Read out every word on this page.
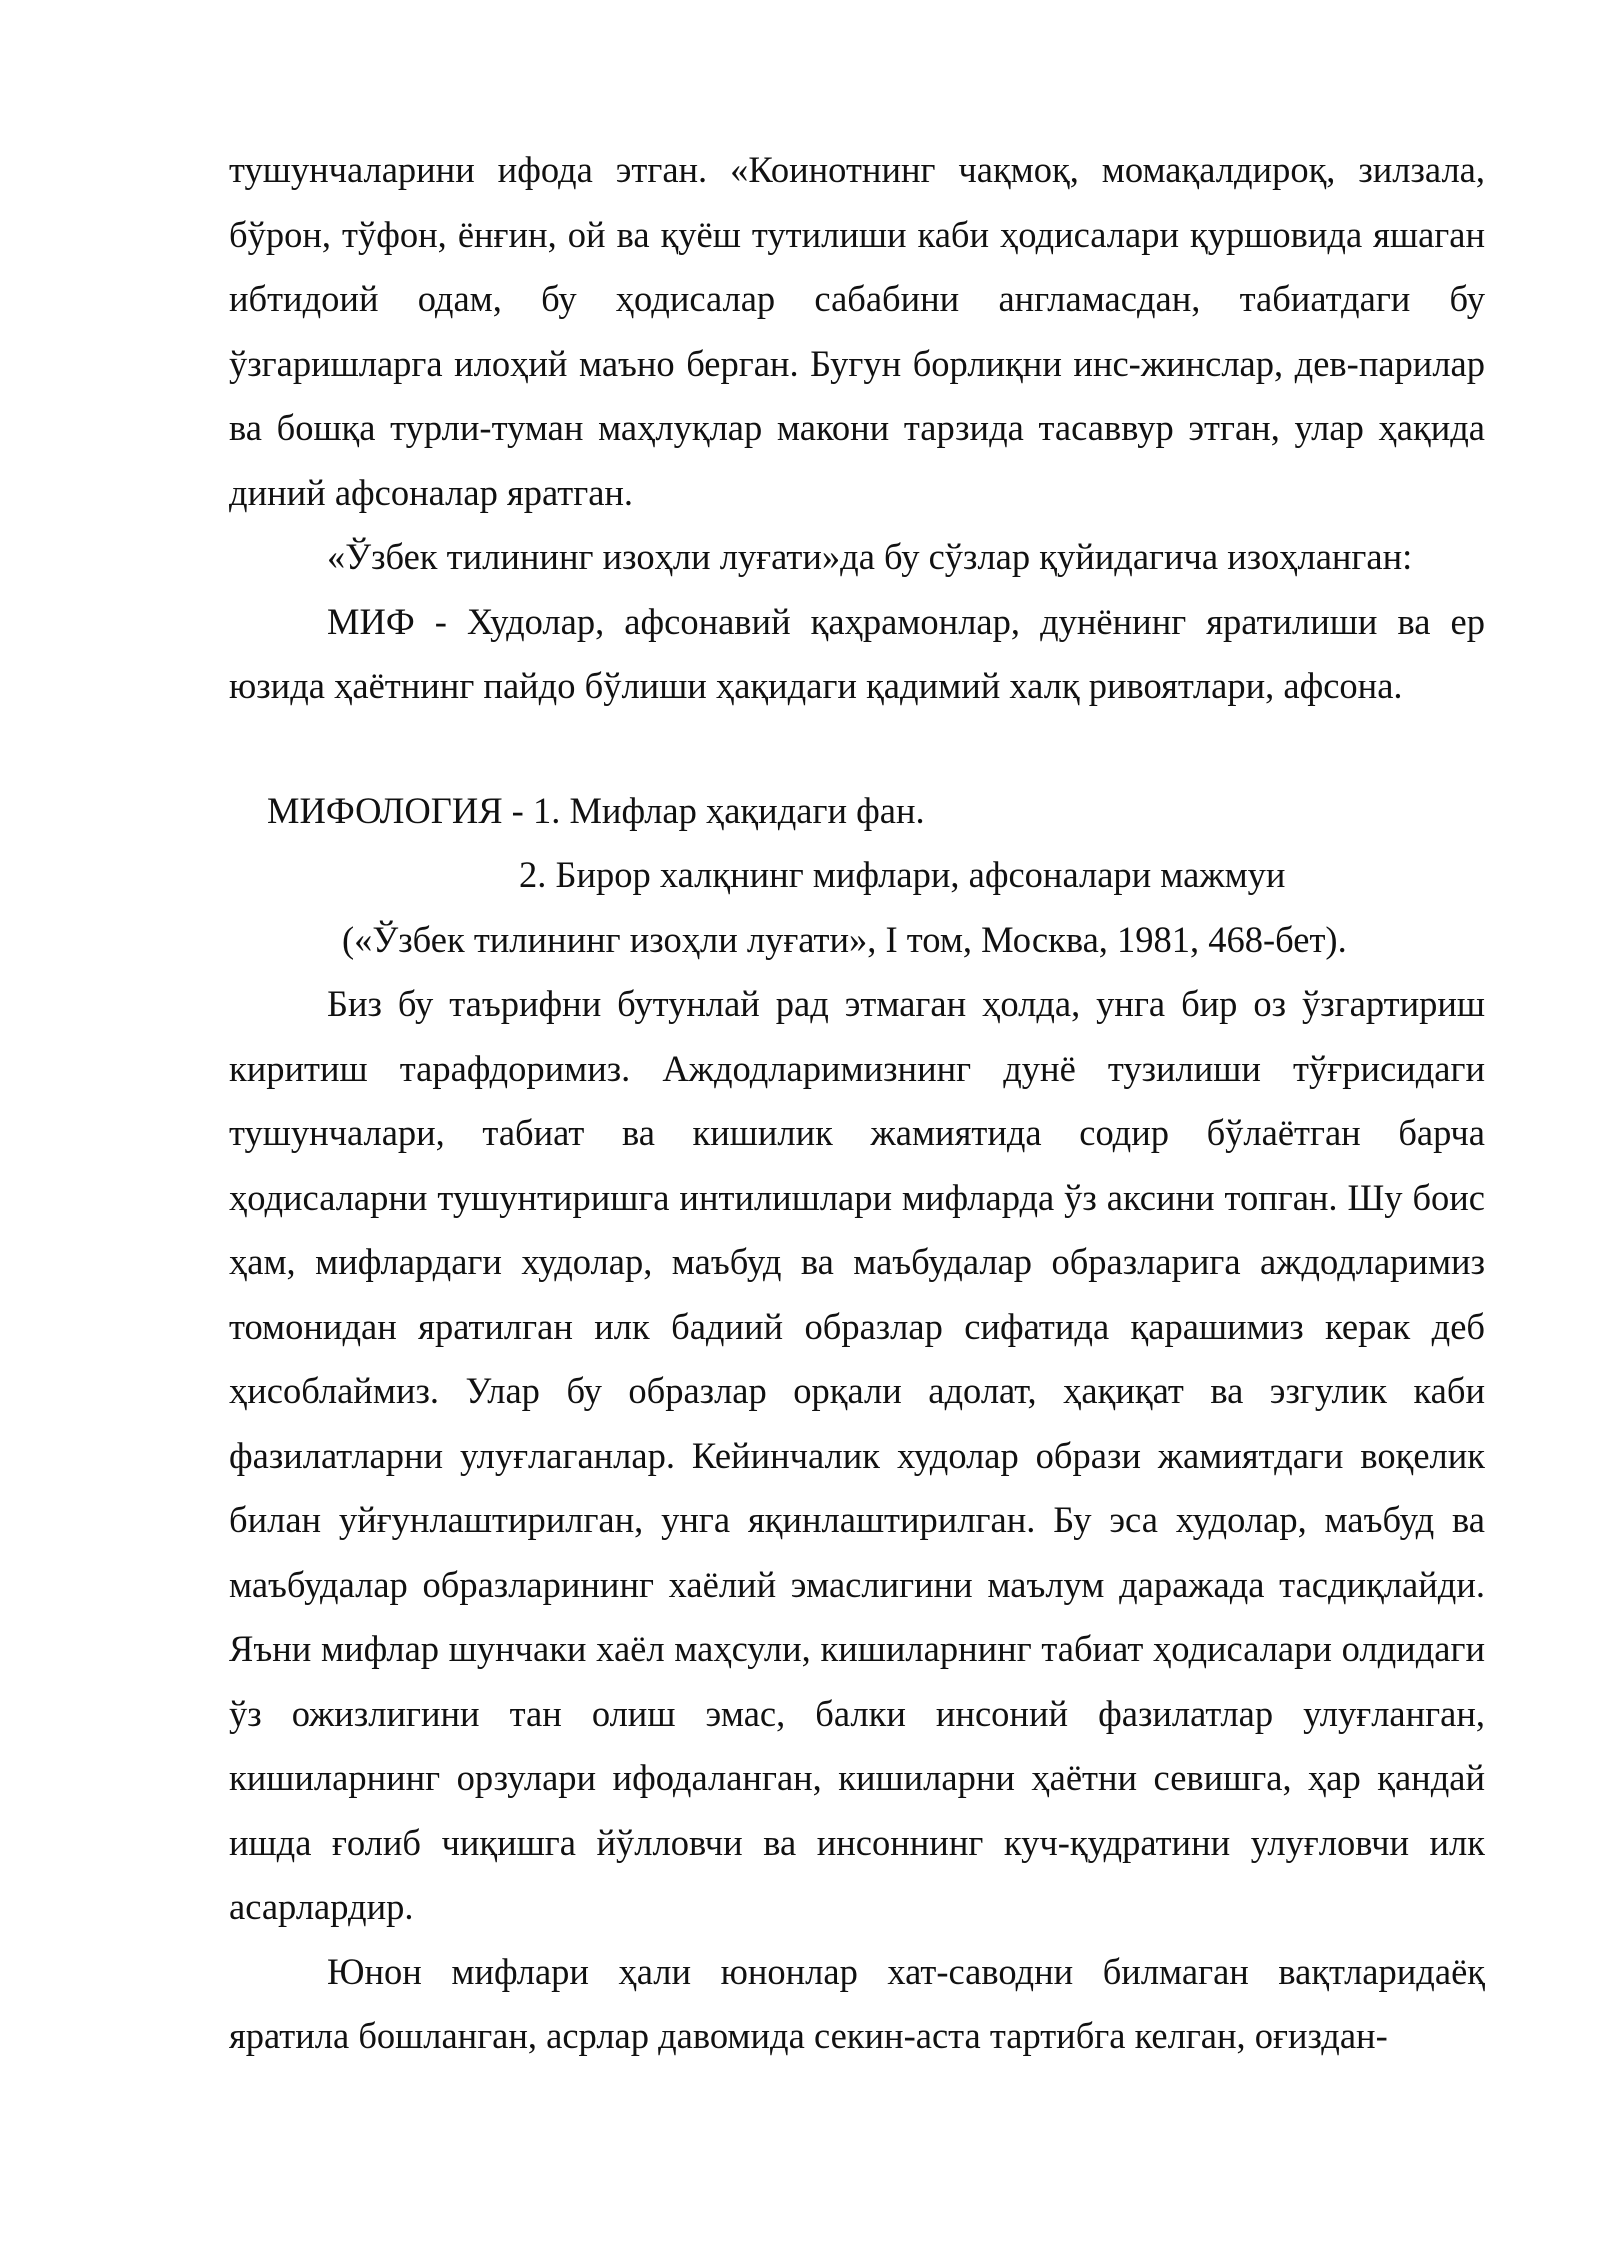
тушунчаларини ифода этган. «Коинотнинг чақмоқ, момақалдироқ, зилзала, бўрон, тўфон, ёнғин, ой ва қуёш тутилиши каби ҳодисалари қуршовида яшаган ибтидоий одам, бу ҳодисалар сабабини англамасдан, табиатдаги бу ўзгаришларга илоҳий маъно берган. Бугун борлиқни инс-жинслар, дев-парилар ва бошқа турли-туман маҳлуқлар макони тарзида тасаввур этган, улар ҳақида диний афсоналар яратган.

«Ўзбек тилининг изоҳли луғати»да бу сўзлар қуйидагича изоҳланган:

МИФ - Худолар, афсонавий қаҳрамонлар, дунёнинг яратилиши ва ер юзида ҳаётнинг пайдо бўлиши ҳақидаги қадимий халқ ривоятлари, афсона.

МИФОЛОГИЯ - 1. Мифлар ҳақидаги фан.

2. Бирор халқнинг мифлари, афсоналари мажмуи

(«Ўзбек тилининг изоҳли луғати», I том, Москва, 1981, 468-бет).

Биз бу таърифни бутунлай рад этмаган ҳолда, унга бир оз ўзгартириш киритиш тарафдоримиз. Аждодларимизнинг дунё тузилиши тўғрисидаги тушунчалари, табиат ва кишилик жамиятида содир бўлаётган барча ҳодисаларни тушунтиришга интилишлари мифларда ўз аксини топган. Шу боис ҳам, мифлардаги худолар, маъбуд ва маъбудалар образларига аждодларимиз томонидан яратилган илк бадиий образлар сифатида қарашимиз керак деб ҳисоблаймиз. Улар бу образлар орқали адолат, ҳақиқат ва эзгулик каби фазилатларни улуғлаганлар. Кейинчалик худолар образи жамиятдаги воқелик билан уйғунлаштирилган, унга яқинлаштирилган. Бу эса худолар, маъбуд ва маъбудалар образларининг хаёлий эмаслигини маълум даражада тасдиқлайди. Яъни мифлар шунчаки хаёл маҳсули, кишиларнинг табиат ҳодисалари олдидаги ўз ожизлигини тан олиш эмас, балки инсоний фазилатлар улуғланган, кишиларнинг орзулари ифодаланган, кишиларни ҳаётни севишга, ҳар қандай ишда ғолиб чиқишга йўлловчи ва инсоннинг куч-қудратини улуғловчи илк асарлардир.

Юнон мифлари ҳали юнонлар хат-саводни билмаган вақтларидаёқ яратила бошланган, асрлар давомида секин-аста тартибга келган, оғиздан-
